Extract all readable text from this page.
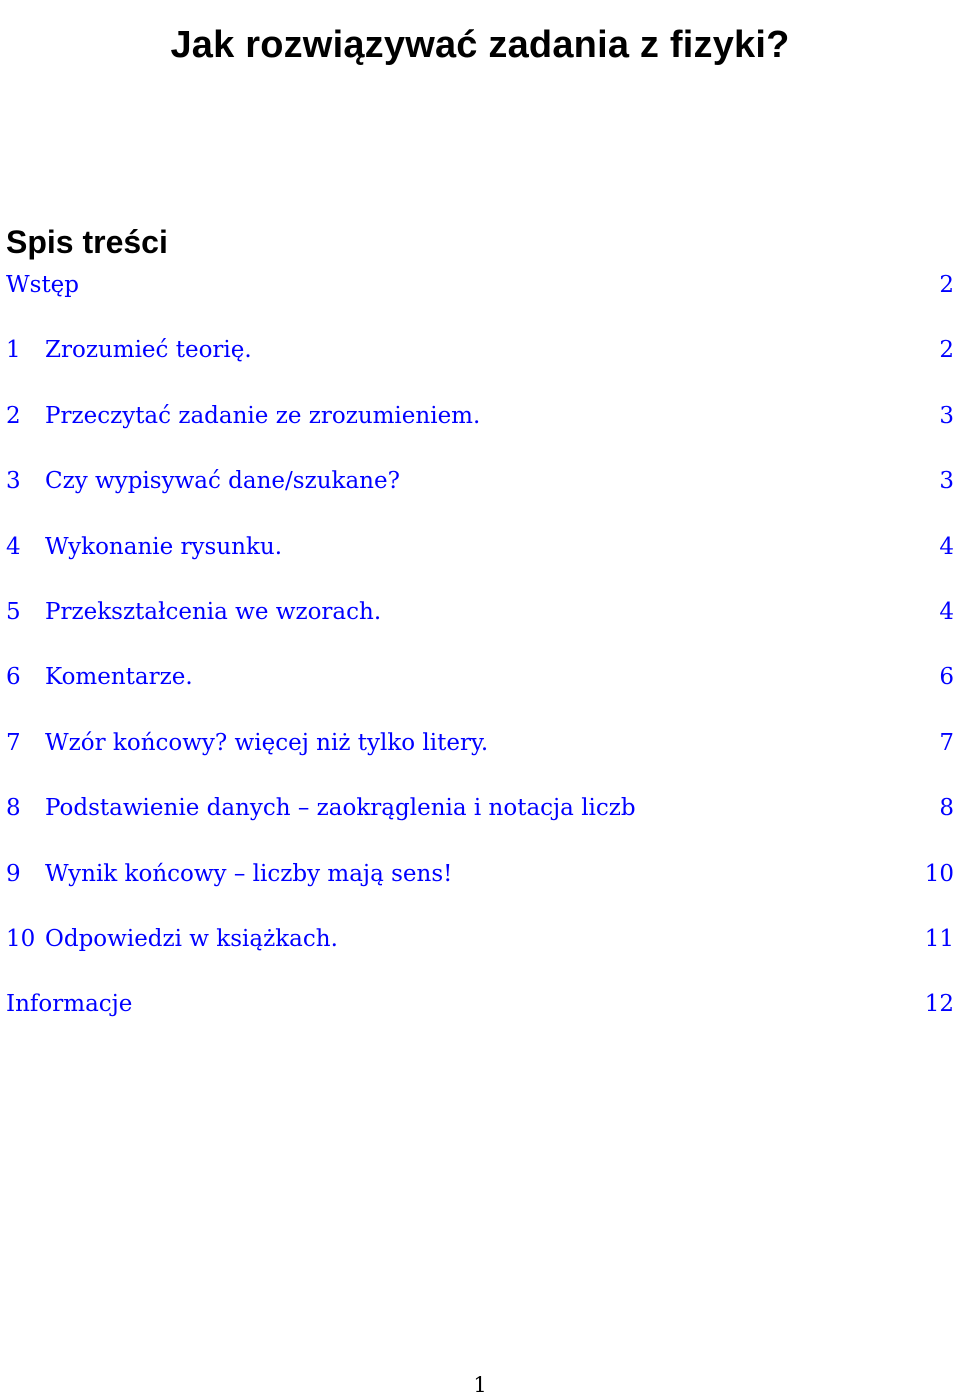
Jak rozwiązywać zadania z fizyki?
Spis treści
Wstęp	2
1	Zrozumieć teorię.	2
2	Przeczytać zadanie ze zrozumieniem.	3
3	Czy wypisywać dane/szukane?	3
4	Wykonanie rysunku.	4
5	Przekształcenia we wzorach.	4
6	Komentarze.	6
7	Wzór końcowy? więcej niż tylko litery.	7
8	Podstawienie danych – zaokrąglenia i notacja liczb	8
9	Wynik końcowy – liczby mają sens!	10
10 Odpowiedzi w książkach.	11
Informacje	12
1
